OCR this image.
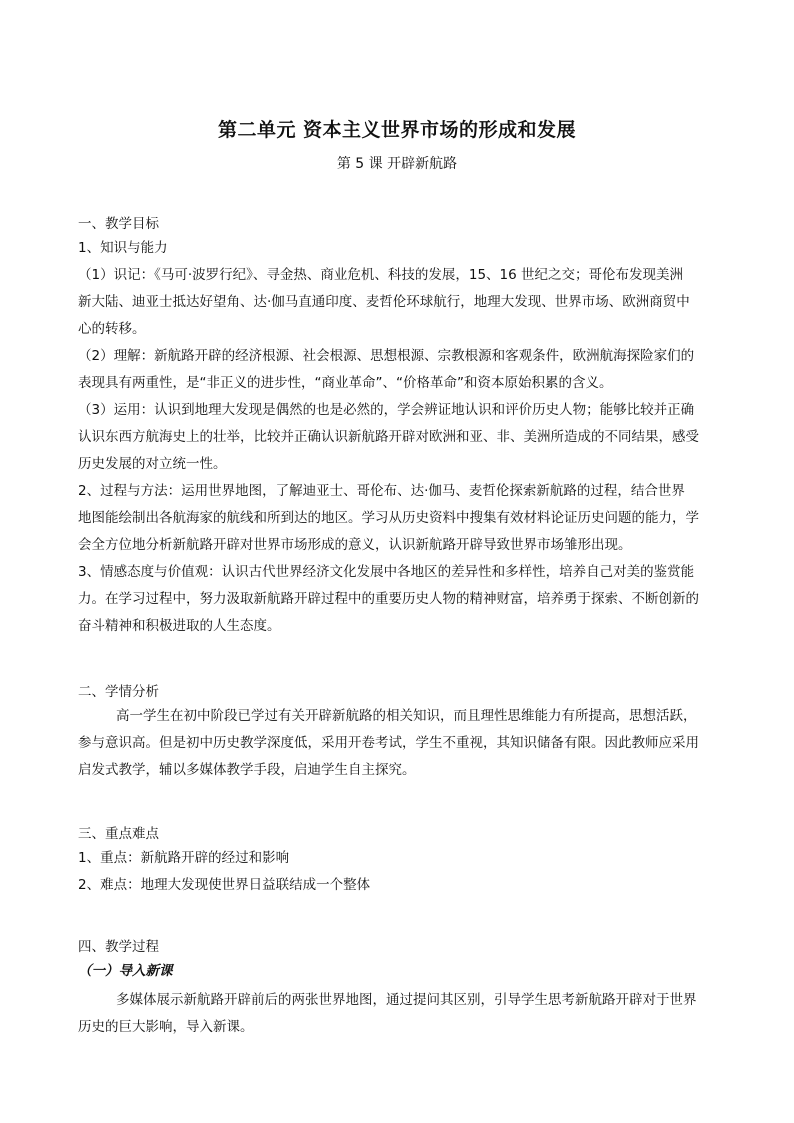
第二单元 资本主义世界市场的形成和发展
第 5 课 开辟新航路
一、教学目标
1、知识与能力
（1）识记：《马可·波罗行纪》、寻金热、商业危机、科技的发展，15、16 世纪之交；哥伦布发现美洲
新大陆、迪亚士抵达好望角、达·伽马直通印度、麦哲伦环球航行，地理大发现、世界市场、欧洲商贸中
心的转移。
（2）理解：新航路开辟的经济根源、社会根源、思想根源、宗教根源和客观条件，欧洲航海探险家们的
表现具有两重性，是“非正义的进步性，“商业革命”、“价格革命”和资本原始积累的含义。
（3）运用：认识到地理大发现是偶然的也是必然的，学会辨证地认识和评价历史人物；能够比较并正确
认识东西方航海史上的壮举，比较并正确认识新航路开辟对欧洲和亚、非、美洲所造成的不同结果，感受
历史发展的对立统一性。
2、过程与方法：运用世界地图，了解迪亚士、哥伦布、达·伽马、麦哲伦探索新航路的过程，结合世界
地图能绘制出各航海家的航线和所到达的地区。学习从历史资料中搜集有效材料论证历史问题的能力，学
会全方位地分析新航路开辟对世界市场形成的意义，认识新航路开辟导致世界市场雏形出现。
3、情感态度与价值观：认识古代世界经济文化发展中各地区的差异性和多样性，培养自己对美的鉴赏能
力。在学习过程中，努力汲取新航路开辟过程中的重要历史人物的精神财富，培养勇于探索、不断创新的
奋斗精神和积极进取的人生态度。
二、学情分析
高一学生在初中阶段已学过有关开辟新航路的相关知识，而且理性思维能力有所提高，思想活跃，
参与意识高。但是初中历史教学深度低，采用开卷考试，学生不重视，其知识储备有限。因此教师应采用
启发式教学，辅以多媒体教学手段，启迪学生自主探究。
三、重点难点
1、重点：新航路开辟的经过和影响
2、难点：地理大发现使世界日益联结成一个整体
四、教学过程
（一）导入新课
多媒体展示新航路开辟前后的两张世界地图，通过提问其区别，引导学生思考新航路开辟对于世界
历史的巨大影响，导入新课。
